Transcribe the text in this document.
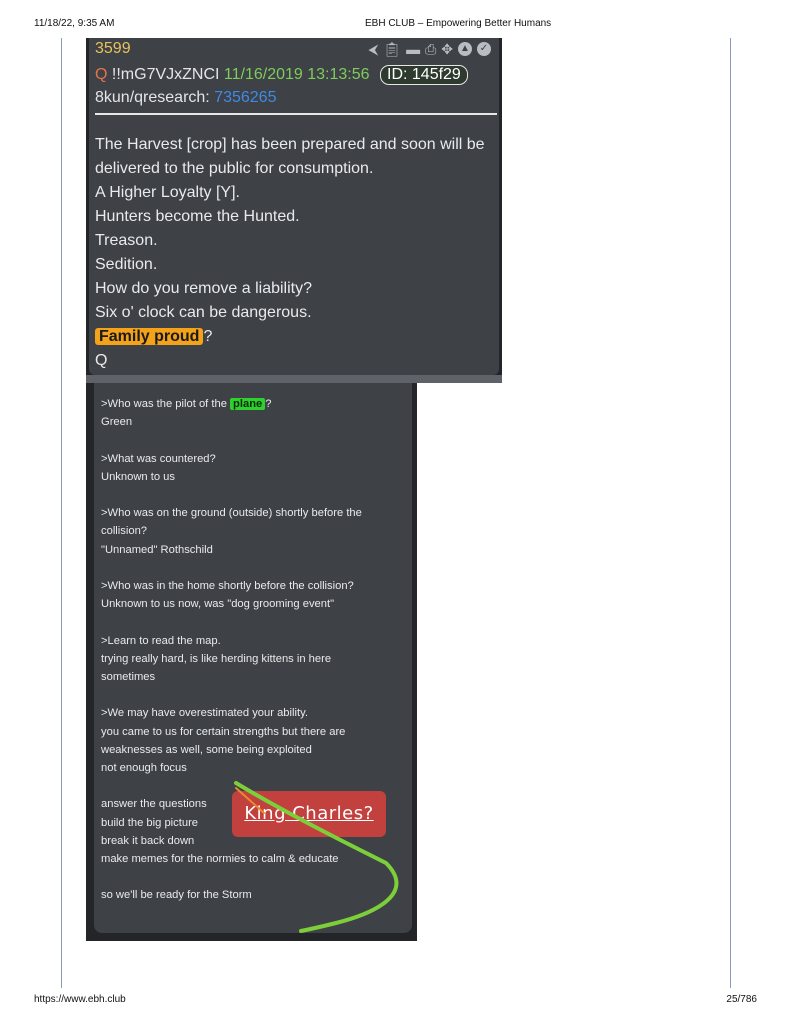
11/18/22, 9:35 AM	EBH CLUB – Empowering Better Humans
3599	⮜ 📋︎ ▬ ⎙ ✥ ▲ ✓
Q !!mG7VJxZNCI 11/16/2019 13:13:56 ID: 145f29
8kun/qresearch: 7356265
The Harvest [crop] has been prepared and soon will be
delivered to the public for consumption.
A Higher Loyalty [Y].
Hunters become the Hunted.
Treason.
Sedition.
How do you remove a liability?
Six o' clock can be dangerous.
Family proud ?
Q
>Who was the pilot of the plane ?
Green
>What was countered?
Unknown to us
>Who was on the ground (outside) shortly before the
collision?
"Unnamed" Rothschild
>Who was in the home shortly before the collision?
Unknown to us now, was "dog grooming event"
>Learn to read the map.
trying really hard, is like herding kittens in here
sometimes
>We may have overestimated your ability.
you came to us for certain strengths but there are
weaknesses as well, some being exploited
not enough focus
answer the questions
build the big picture
break it back down
make memes for the normies to calm & educate
so we'll be ready for the Storm
King Charles?
https://www.ebh.club	25/786
